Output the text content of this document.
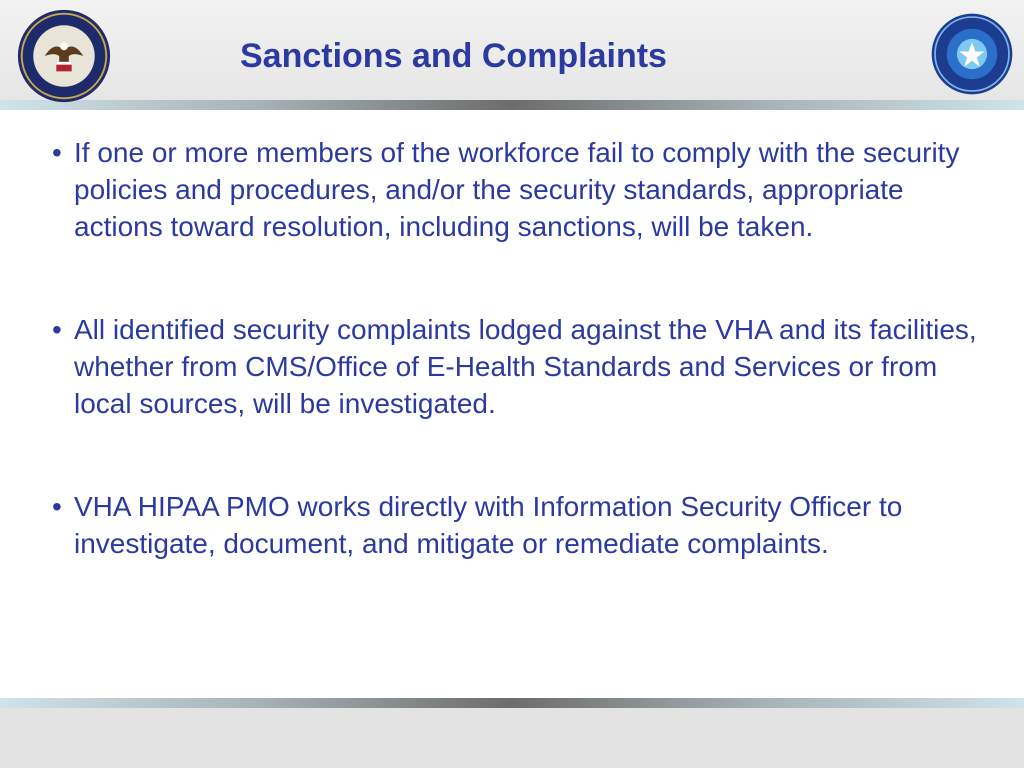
Sanctions and Complaints
• If one or more members of the workforce fail to comply with the security policies and procedures, and/or the security standards, appropriate actions toward resolution, including sanctions, will be taken.
• All identified security complaints lodged against the VHA and its facilities, whether from CMS/Office of E-Health Standards and Services or from local sources, will be investigated.
• VHA HIPAA PMO works directly with Information Security Officer to investigate, document, and mitigate or remediate complaints.
